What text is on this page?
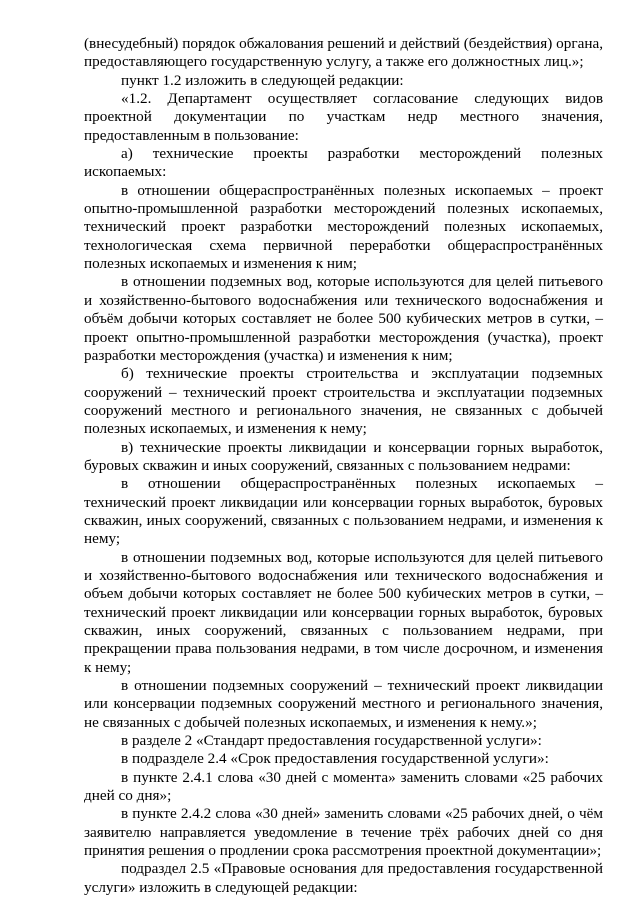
(внесудебный) порядок обжалования решений и действий (бездействия) органа, предоставляющего государственную услугу, а также его должностных лиц.»;

пункт 1.2 изложить в следующей редакции:

«1.2. Департамент осуществляет согласование следующих видов проектной документации по участкам недр местного значения, предоставленным в пользование:

а) технические проекты разработки месторождений полезных ископаемых:

в отношении общераспространённых полезных ископаемых – проект опытно-промышленной разработки месторождений полезных ископаемых, технический проект разработки месторождений полезных ископаемых, технологическая схема первичной переработки общераспространённых полезных ископаемых и изменения к ним;

в отношении подземных вод, которые используются для целей питьевого и хозяйственно-бытового водоснабжения или технического водоснабжения и объём добычи которых составляет не более 500 кубических метров в сутки, – проект опытно-промышленной разработки месторождения (участка), проект разработки месторождения (участка) и изменения к ним;

б) технические проекты строительства и эксплуатации подземных сооружений – технический проект строительства и эксплуатации подземных сооружений местного и регионального значения, не связанных с добычей полезных ископаемых, и изменения к нему;

в) технические проекты ликвидации и консервации горных выработок, буровых скважин и иных сооружений, связанных с пользованием недрами:

в отношении общераспространённых полезных ископаемых – технический проект ликвидации или консервации горных выработок, буровых скважин, иных сооружений, связанных с пользованием недрами, и изменения к нему;

в отношении подземных вод, которые используются для целей питьевого и хозяйственно-бытового водоснабжения или технического водоснабжения и объем добычи которых составляет не более 500 кубических метров в сутки, – технический проект ликвидации или консервации горных выработок, буровых скважин, иных сооружений, связанных с пользованием недрами, при прекращении права пользования недрами, в том числе досрочном, и изменения к нему;

в отношении подземных сооружений – технический проект ликвидации или консервации подземных сооружений местного и регионального значения, не связанных с добычей полезных ископаемых, и изменения к нему.»;

в разделе 2 «Стандарт предоставления государственной услуги»:

в подразделе 2.4 «Срок предоставления государственной услуги»:

в пункте 2.4.1 слова «30 дней с момента» заменить словами «25 рабочих дней со дня»;

в пункте 2.4.2 слова «30 дней» заменить словами «25 рабочих дней, о чём заявителю направляется уведомление в течение трёх рабочих дней со дня принятия решения о продлении срока рассмотрения проектной документации»;

подраздел 2.5 «Правовые основания для предоставления государственной услуги» изложить в следующей редакции:
